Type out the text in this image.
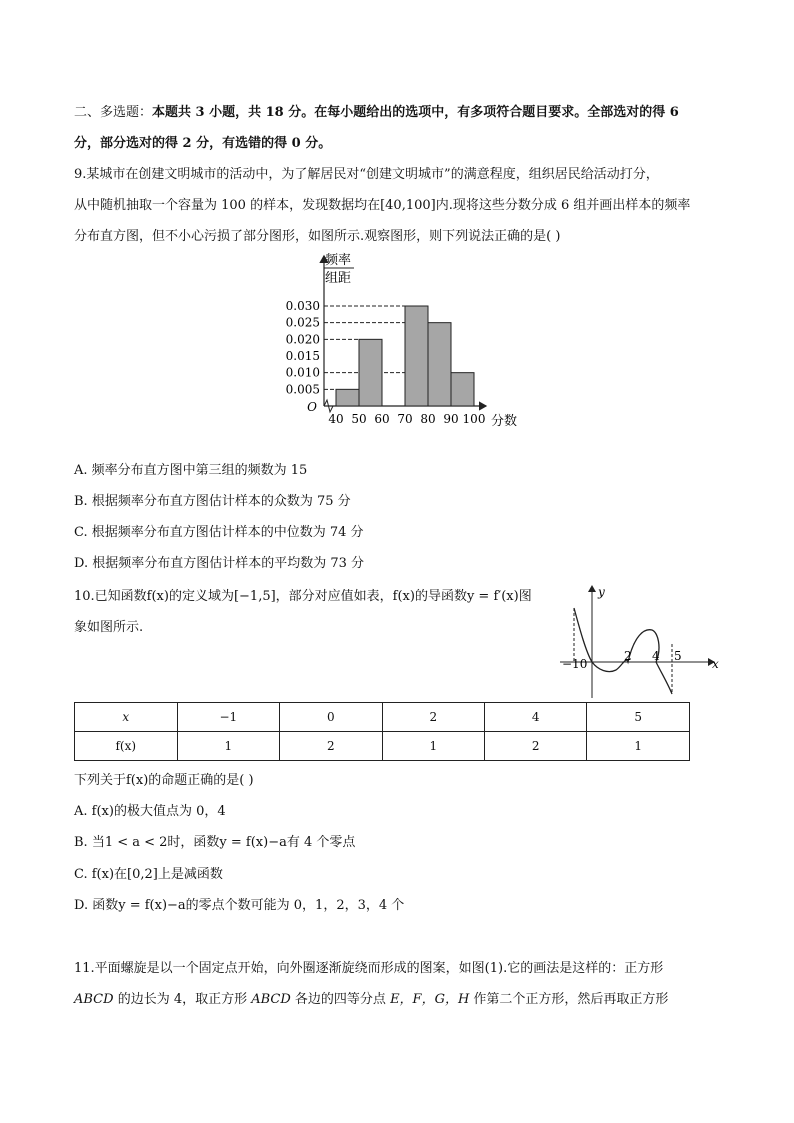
二、多选题：本题共 3 小题，共 18 分。在每小题给出的选项中，有多项符合题目要求。全部选对的得 6
分，部分选对的得 2 分，有选错的得 0 分。
9.某城市在创建文明城市的活动中，为了解居民对“创建文明城市”的满意程度，组织居民给活动打分，
从中随机抽取一个容量为 100 的样本，发现数据均在[40,100]内.现将这些分数分成 6 组并画出样本的频率
分布直方图，但不小心污损了部分图形，如图所示.观察图形，则下列说法正确的是( )
频率
组距
O
分数
0.030
0.025
0.020
0.015
0.010
0.005
40 50 60 70 80 90 100
A. 频率分布直方图中第三组的频数为 15
B. 根据频率分布直方图估计样本的众数为 75 分
C. 根据频率分布直方图估计样本的中位数为 74 分
D. 根据频率分布直方图估计样本的平均数为 73 分
10.已知函数f(x)的定义域为[−1,5]，部分对应值如表，f(x)的导函数y = f′(x)图
象如图所示.
y
x
−10
2 4 5
x	−1	0	2	4	5
f(x)	1	2	1	2	1
下列关于f(x)的命题正确的是( )
A. f(x)的极大值点为 0，4
B. 当1 < a < 2时，函数y = f(x)−a有 4 个零点
C. f(x)在[0,2]上是减函数
D. 函数y = f(x)−a的零点个数可能为 0，1，2，3，4 个
11.平面螺旋是以一个固定点开始，向外圈逐渐旋绕而形成的图案，如图(1).它的画法是这样的：正方形
ABCD 的边长为 4，取正方形 ABCD 各边的四等分点 E，F，G，H 作第二个正方形，然后再取正方形
